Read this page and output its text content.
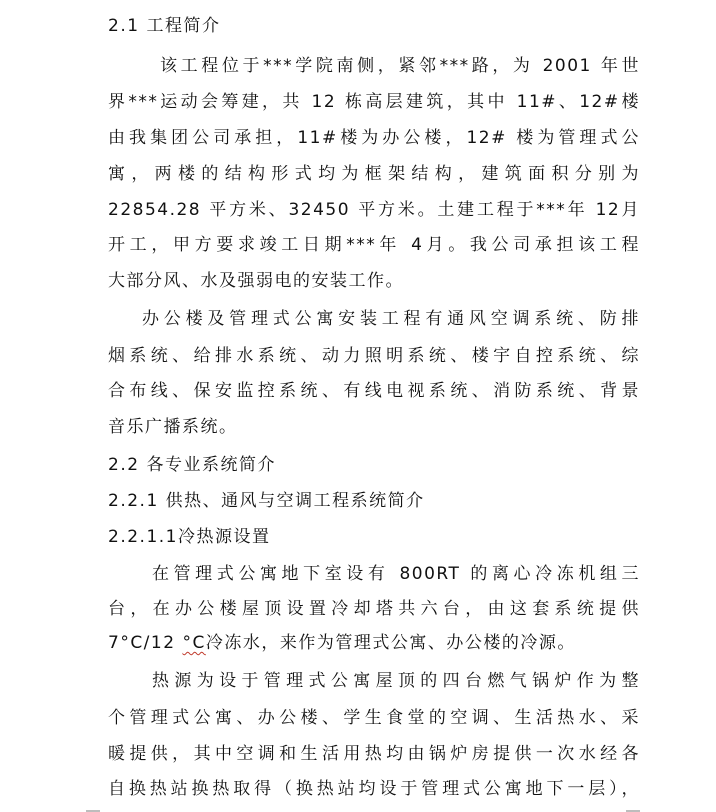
2.1 工程简介
该工程位于***学院南侧，紧邻***路，为 2001 年世
界***运动会筹建，共 12 栋高层建筑，其中 11#、12#楼
由我集团公司承担，11#楼为办公楼，12# 楼为管理式公
寓，两楼的结构形式均为框架结构，建筑面积分别为
22854.28 平方米、32450 平方米。土建工程于***年 12月
开工，甲方要求竣工日期***年 4月。我公司承担该工程
大部分风、水及强弱电的安装工作。
办公楼及管理式公寓安装工程有通风空调系统、防排
烟系统、给排水系统、动力照明系统、楼宇自控系统、综
合布线、保安监控系统、有线电视系统、消防系统、背景
音乐广播系统。
2.2 各专业系统简介
2.2.1 供热、通风与空调工程系统简介
2.2.1.1冷热源设置
在管理式公寓地下室设有 800RT 的离心冷冻机组三
台，在办公楼屋顶设置冷却塔共六台，由这套系统提供
7°C/12 °C冷冻水，来作为管理式公寓、办公楼的冷源。
热源为设于管理式公寓屋顶的四台燃气锅炉作为整
个管理式公寓、办公楼、学生食堂的空调、生活热水、采
暖提供，其中空调和生活用热均由锅炉房提供一次水经各
自换热站换热取得（换热站均设于管理式公寓地下一层），
